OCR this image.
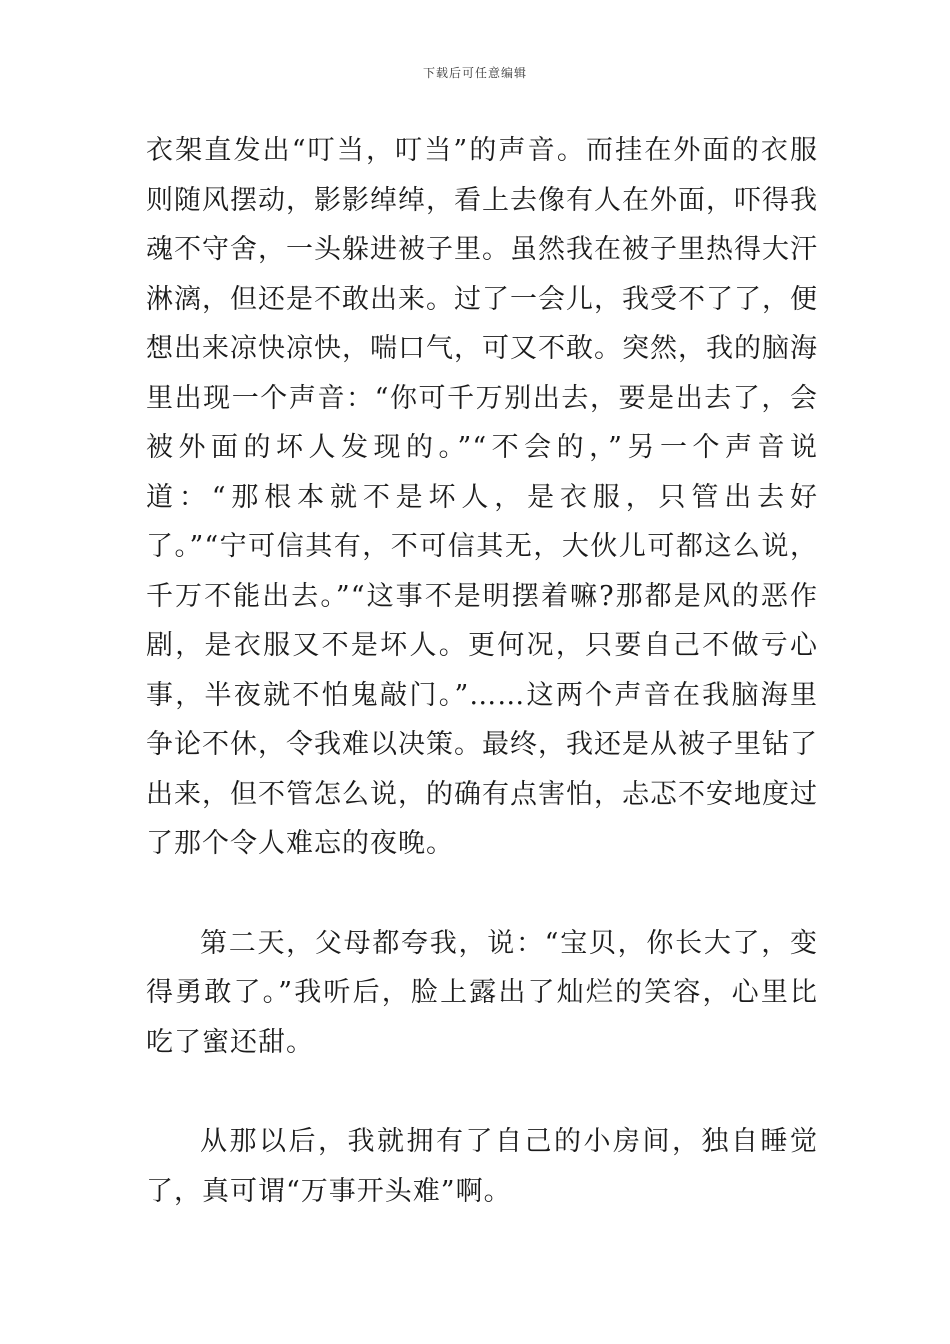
下载后可任意编辑

衣架直发出“叮当，叮当”的声音。而挂在外面的衣服则随风摆动，影影绰绰，看上去像有人在外面，吓得我魂不守舍，一头躲进被子里。虽然我在被子里热得大汗淋漓，但还是不敢出来。过了一会儿，我受不了了，便想出来凉快凉快，喘口气，可又不敢。突然，我的脑海里出现一个声音：“你可千万别出去，要是出去了，会被外面的坏人发现的。”“不会的，”另一个声音说道：“那根本就不是坏人，是衣服，只管出去好了。”“宁可信其有，不可信其无，大伙儿可都这么说，千万不能出去。”“这事不是明摆着嘛?那都是风的恶作剧，是衣服又不是坏人。更何况，只要自己不做亏心事，半夜就不怕鬼敲门。”……这两个声音在我脑海里争论不休，令我难以决策。最终，我还是从被子里钻了出来，但不管怎么说，的确有点害怕，忐忑不安地度过了那个令人难忘的夜晚。

第二天，父母都夸我，说：“宝贝，你长大了，变得勇敢了。”我听后，脸上露出了灿烂的笑容，心里比吃了蜜还甜。

从那以后，我就拥有了自己的小房间，独自睡觉了，真可谓“万事开头难”啊。
